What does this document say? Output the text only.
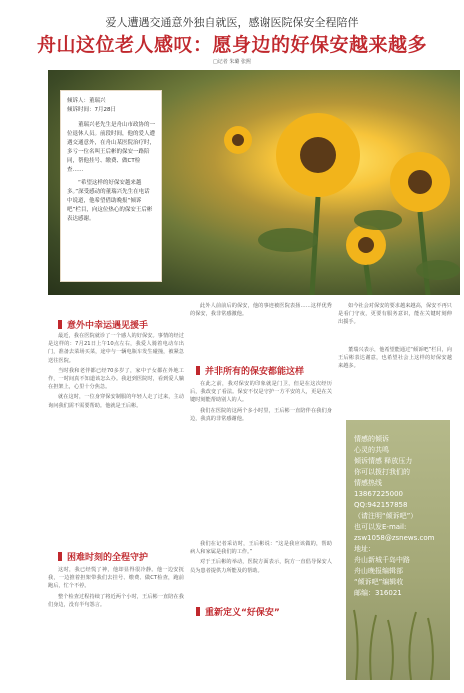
爱人遭遇交通意外独自就医，感谢医院保安全程陪伴
舟山这位老人感叹：愿身边的好保安越来越多
□记者 朱璐 张熙
倾诉人：董瑞兴
倾诉时间：7月28日

董瑞兴老先生是舟山市政协的一位退休人员。前段时间，他的爱人遭遇交通意外，在舟山某医院治疗时，多亏一位名叫王后彬的保安一路陪同，帮他挂号、缴费、做CT检查……

“希望这样的好保安越来越多。”深受感动的董瑞兴先生在电话中说道，他希望借助晚报“倾诉吧”栏目，向这位热心的保安王后彬表达感谢。

意外中幸运遇见援手

最近，我在医院就诊了一个感人的好保安。事情的经过是这样的：7月21日上午10点左右，我爱人骑着电动车出门，准备去菜场买菜，途中与一辆电瓶车发生碰撞，被紧急送往医院。

当时我和老伴都已经70多岁了，家中子女都在外地工作，一时间真不知道该怎么办。我赶到医院时，看到爱人躺在担架上，心里十分焦急。

就在这时，一位身穿保安制服的年轻人走了过来，主动询问我们需不需要帮助。他就是王后彬。

困难时刻的全程守护

这时，我已经慌了神，他却显得很冷静。他一边安抚我，一边推着担架带我们去挂号、缴费、做CT检查，跑前跑后，忙个不停。

整个检查过程持续了将近两个小时，王后彬一直陪在我们身边，没有半句怨言。

此外人前前后的保安，他的事迹被医院表扬……这样优秀的保安，我非常感激他。

并非所有的保安都能这样

在此之前，我对保安的印象就是门卫，但是在这次经历后，我改变了看法。保安不仅是守护一方平安的人，更是在关键时刻能帮助别人的人。

我们在医院的这两个多小时里，王后彬一直陪伴在我们身边，我真的非常感谢他。

我们在记者采访时，王后彬说：“这是我应该做的，帮助病人和家属是我们的工作。”

对于王后彬的举动，医院方面表示，院方一直倡导保安人员为患者提供力所能及的帮助。

重新定义“好保安”

如今社会对保安的要求越来越高，保安不再只是看门守夜，更要有服务意识，能在关键时刻伸出援手。

董瑞兴表示，他希望能通过“倾诉吧”栏目，向王后彬表达谢意，也希望社会上这样的好保安越来越多。

情感的倾诉
心灵的共鸣
倾诉情感 释放压力
你可以拨打我们的
情感热线
13867225000
QQ:942157858
（请注明“倾诉吧”）
也可以发E-mail:
zsw1058@zsnews.com
地址：
舟山新城千岛中路
舟山晚报编辑部
“倾诉吧”编辑收
邮编：316021
